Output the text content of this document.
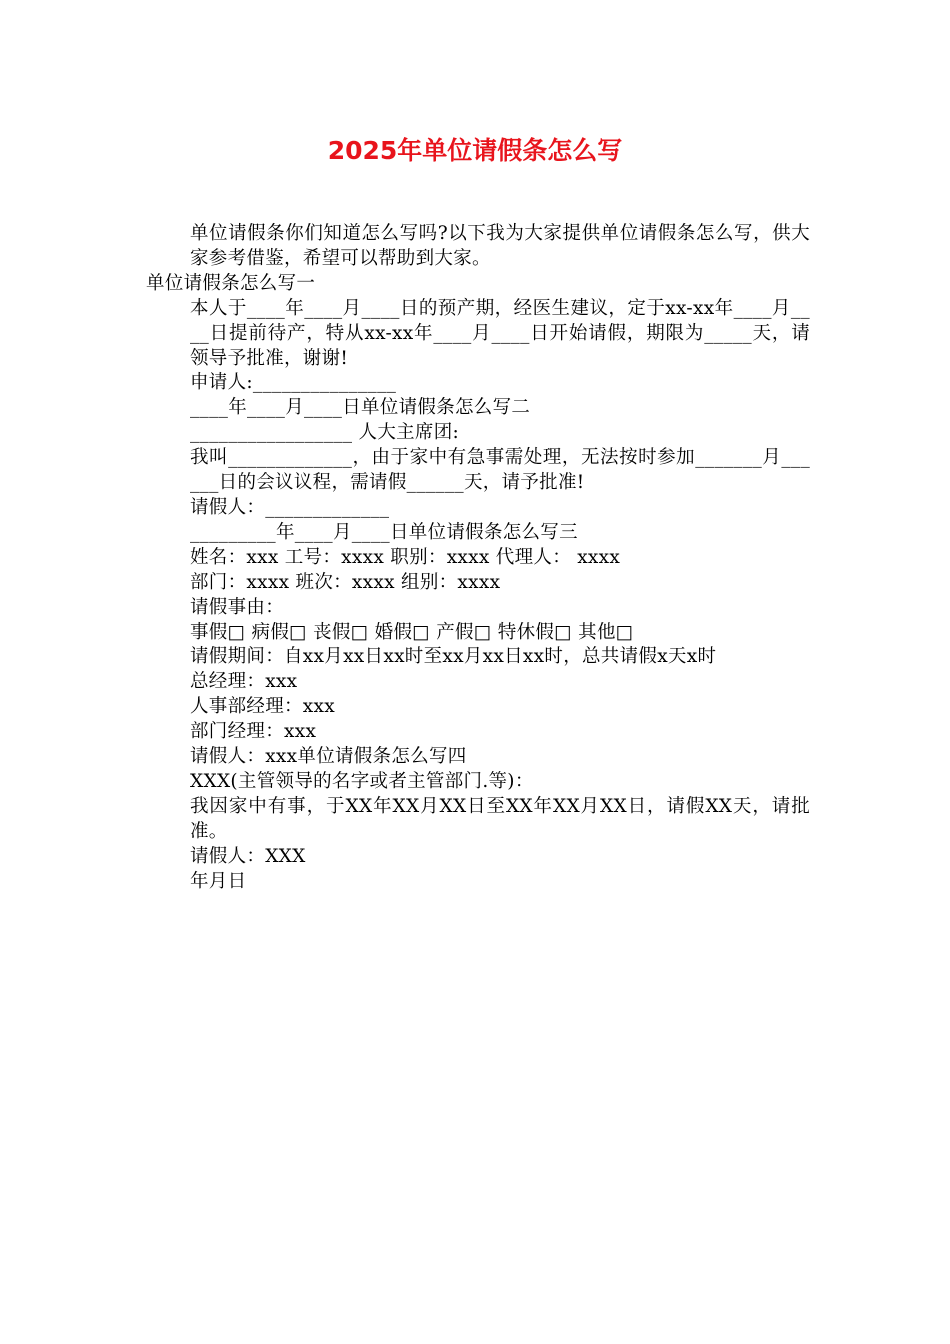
2025年单位请假条怎么写

单位请假条你们知道怎么写吗?以下我为大家提供单位请假条怎么写，供大家参考借鉴，希望可以帮助到大家。

单位请假条怎么写一

本人于____年____月____日的预产期，经医生建议，定于xx-xx年____月____日提前待产，特从xx-xx年____月____日开始请假，期限为_____天，请领导予批准，谢谢!

申请人:_______________

____年____月____日单位请假条怎么写二

_________________ 人大主席团:

我叫_____________，由于家中有急事需处理，无法按时参加_______月______日的会议议程，需请假______天，请予批准!

请假人：_____________

_________年____月____日单位请假条怎么写三

姓名：xxx 工号：xxxx 职别：xxxx 代理人： xxxx

部门：xxxx 班次：xxxx 组别：xxxx

请假事由：

事假□ 病假□ 丧假□ 婚假□ 产假□ 特休假□ 其他□

请假期间：自xx月xx日xx时至xx月xx日xx时，总共请假x天x时

总经理：xxx

人事部经理：xxx

部门经理：xxx

请假人：xxx单位请假条怎么写四

XXX(主管领导的名字或者主管部门.等)：

我因家中有事，于XX年XX月XX日至XX年XX月XX日，请假XX天，请批准。

请假人：XXX

年月日
